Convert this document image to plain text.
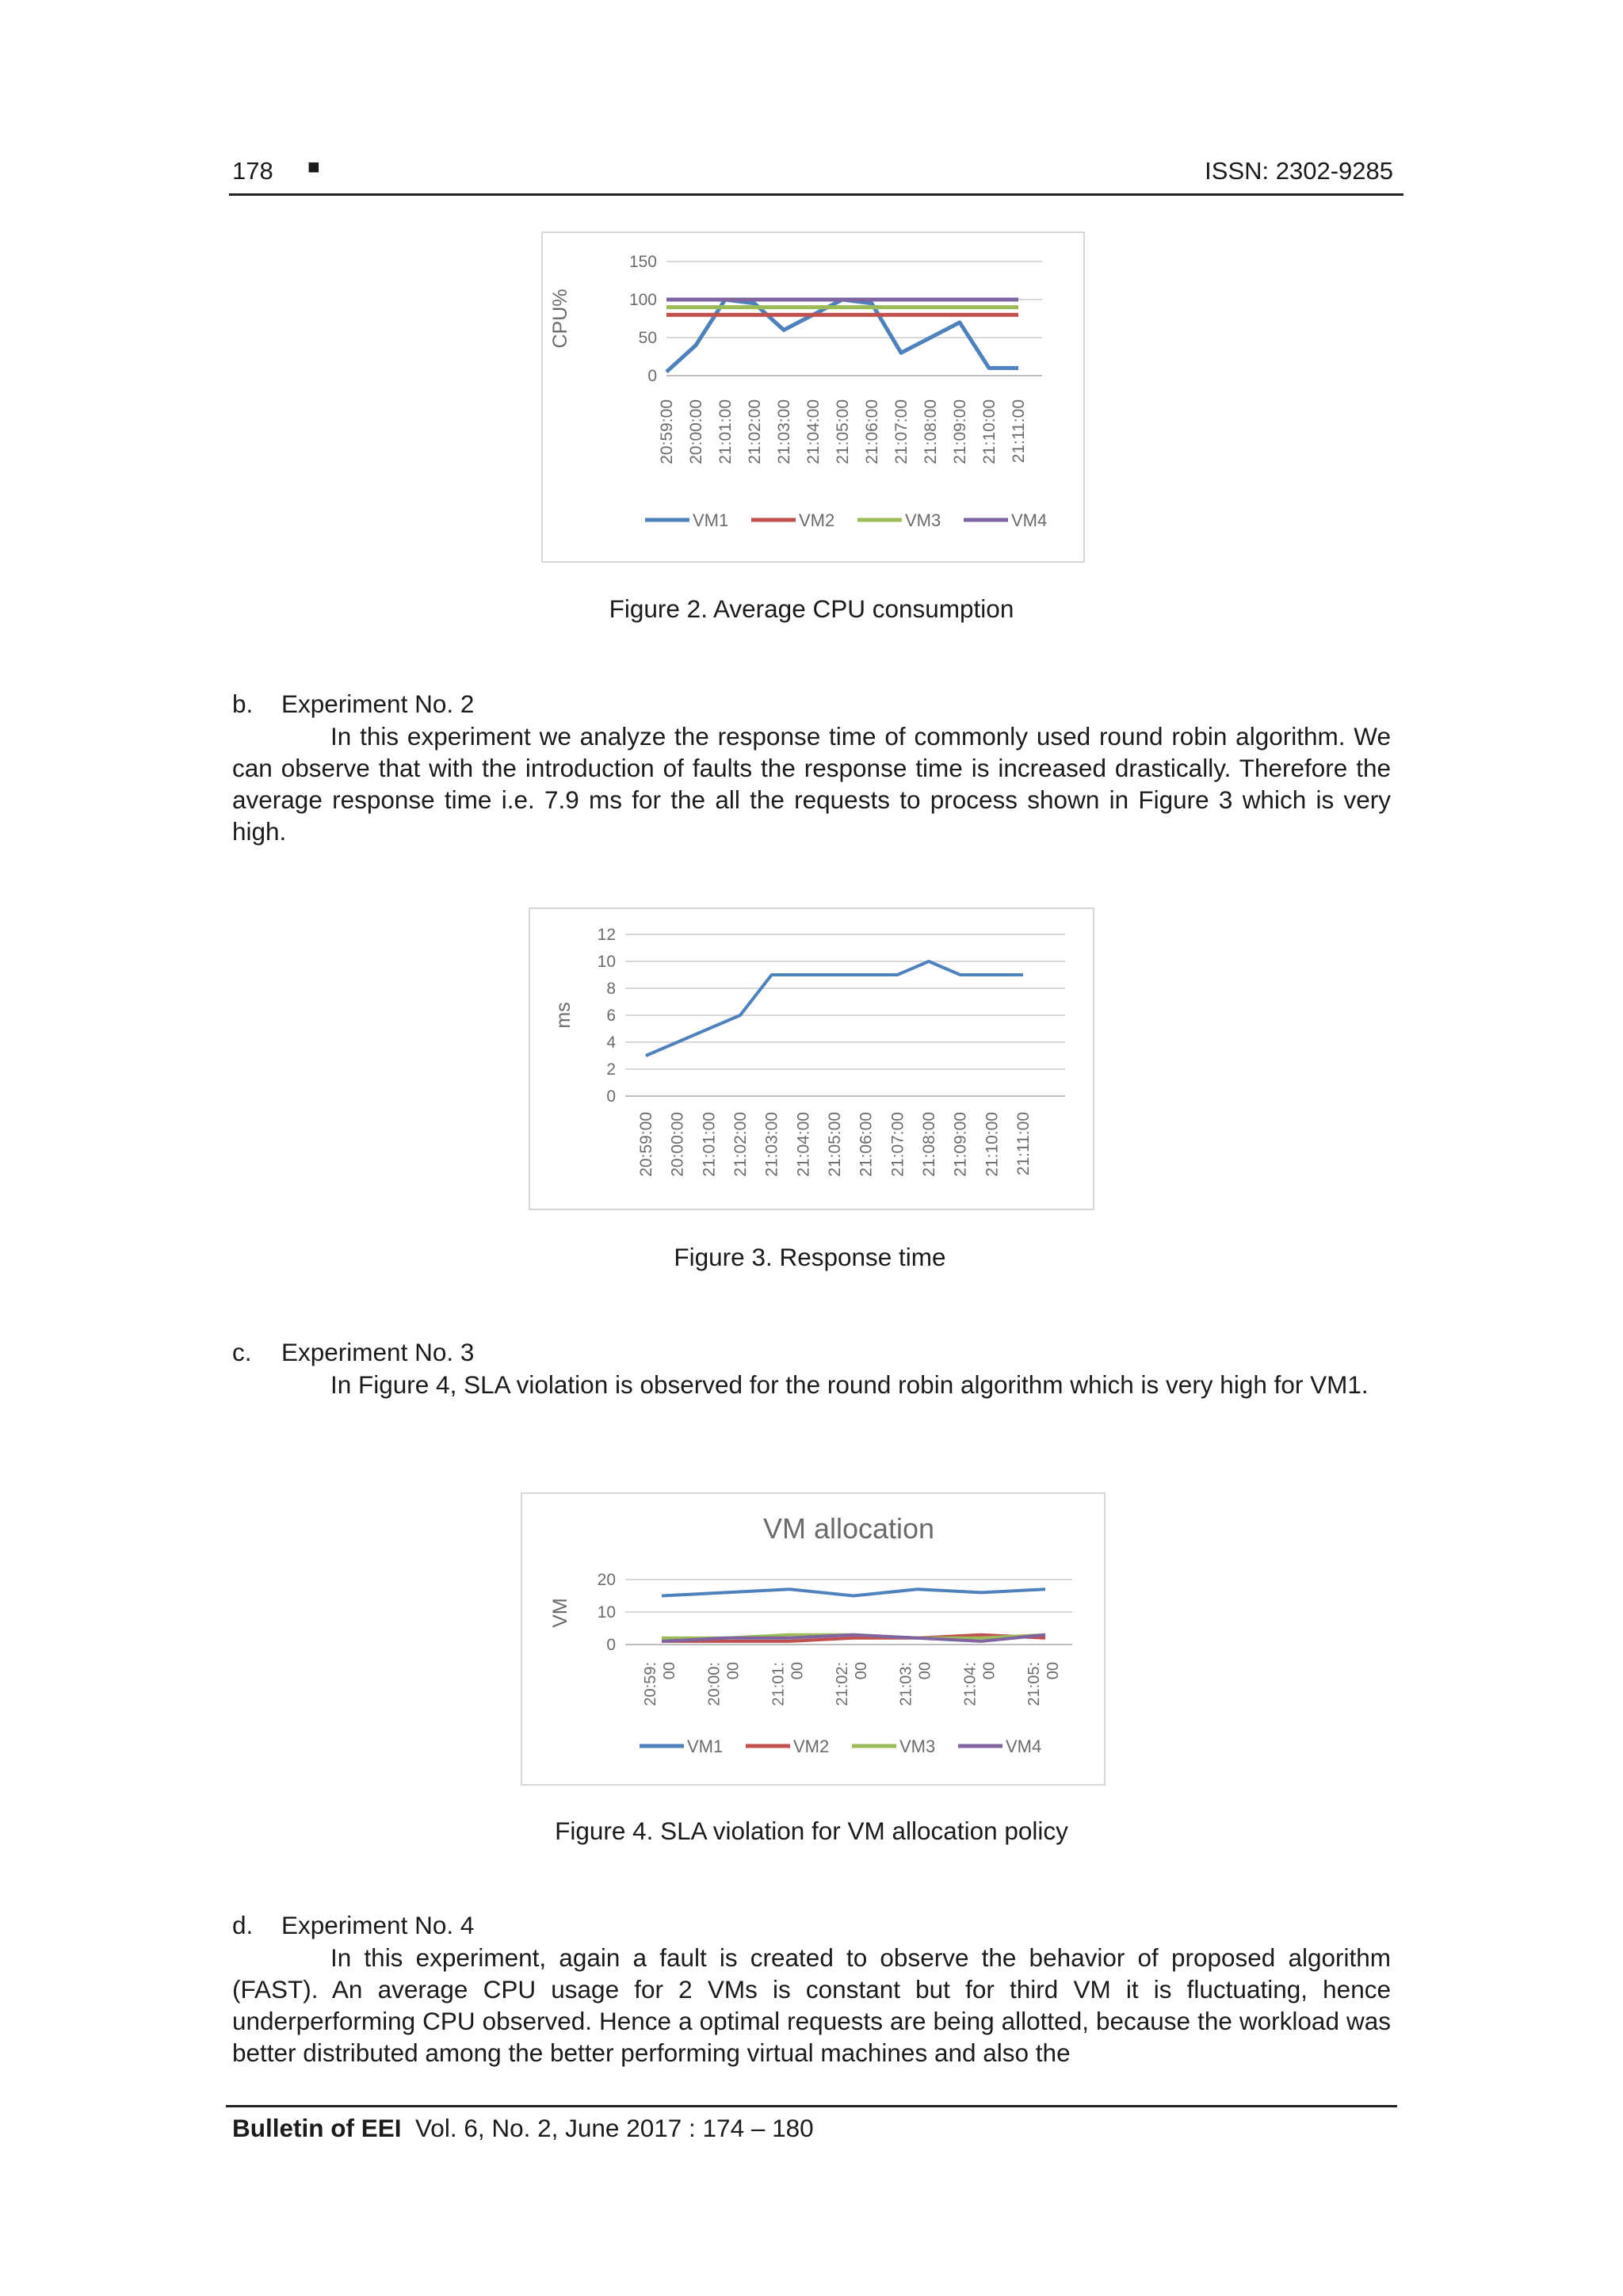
178 ■	ISSN: 2302-9285
0
50
100
150
CPU%
20:59:00 20:00:00 21:01:00 21:02:00 21:03:00 21:04:00 21:05:00 21:06:00 21:07:00 21:08:00 21:09:00 21:10:00 21:11:00
VM1	VM2	VM3	VM4
Figure 2. Average CPU consumption
b. Experiment No. 2
In this experiment we analyze the response time of commonly used round robin algorithm. We can observe that with the introduction of faults the response time is increased drastically. Therefore the average response time i.e. 7.9 ms for the all the requests to process shown in Figure 3 which is very high.
0
2
4
6
8
10
12
ms
20:59:00 20:00:00 21:01:00 21:02:00 21:03:00 21:04:00 21:05:00 21:06:00 21:07:00 21:08:00 21:09:00 21:10:00 21:11:00
Figure 3. Response time
c. Experiment No. 3
In Figure 4, SLA violation is observed for the round robin algorithm which is very high for VM1.
VM allocation
0
10
20
VM
20:59: 00 20:00: 00 21:01: 00 21:02: 00 21:03: 00 21:04: 00 21:05: 00
VM1	VM2	VM3	VM4
Figure 4. SLA violation for VM allocation policy
d. Experiment No. 4
In this experiment, again a fault is created to observe the behavior of proposed algorithm (FAST). An average CPU usage for 2 VMs is constant but for third VM it is fluctuating, hence underperforming CPU observed. Hence a optimal requests are being allotted, because the workload was better distributed among the better performing virtual machines and also the
Bulletin of EEI Vol. 6, No. 2, June 2017 : 174 – 180
